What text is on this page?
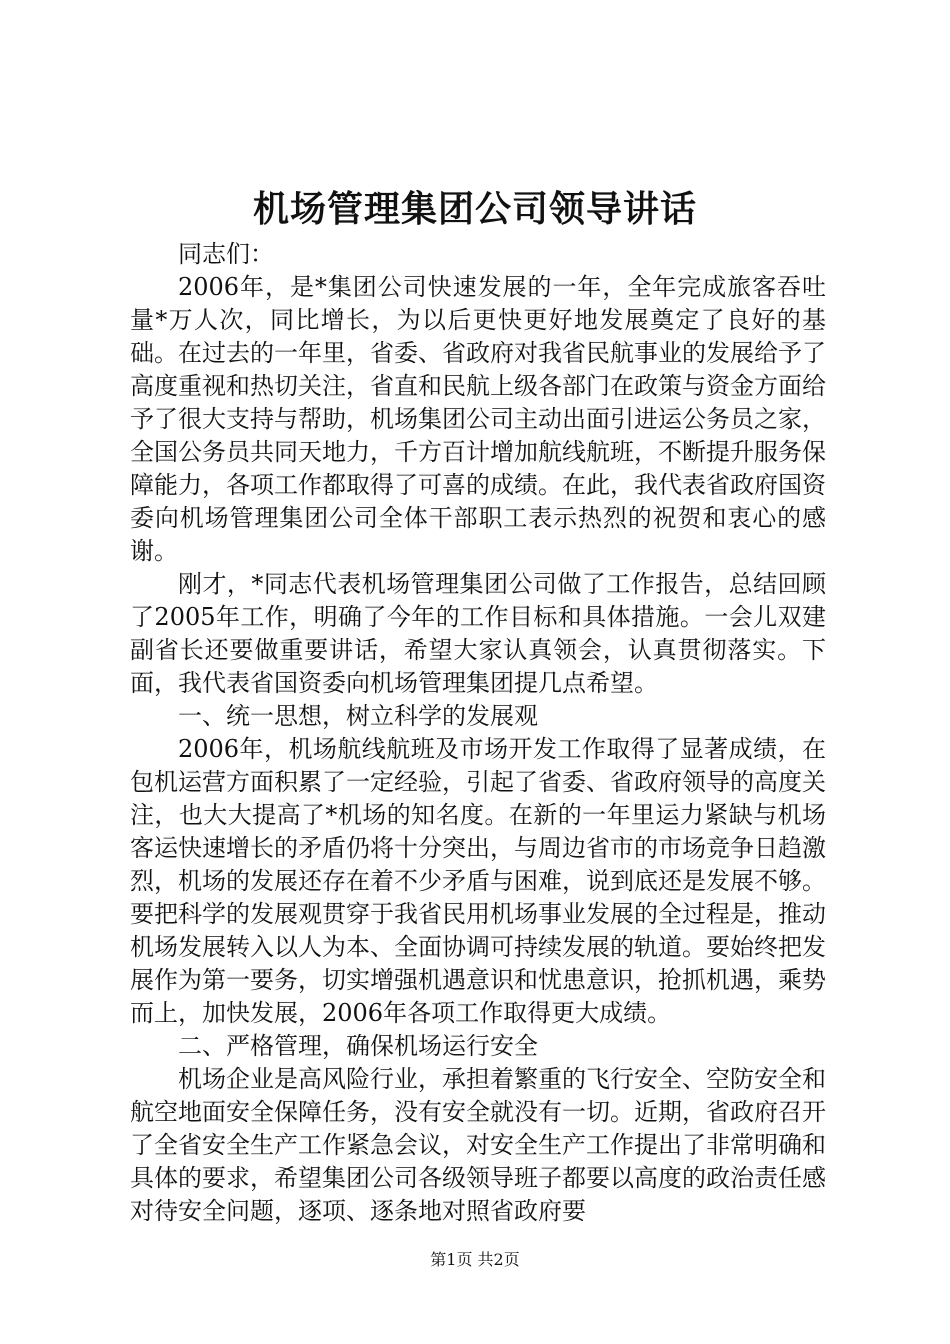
机场管理集团公司领导讲话

同志们：

2006年，是*集团公司快速发展的一年，全年完成旅客吞吐量*万人次，同比增长，为以后更快更好地发展奠定了良好的基础。在过去的一年里，省委、省政府对我省民航事业的发展给予了高度重视和热切关注，省直和民航上级各部门在政策与资金方面给予了很大支持与帮助，机场集团公司主动出面引进运公务员之家，全国公务员共同天地力，千方百计增加航线航班，不断提升服务保障能力，各项工作都取得了可喜的成绩。在此，我代表省政府国资委向机场管理集团公司全体干部职工表示热烈的祝贺和衷心的感谢。

刚才，*同志代表机场管理集团公司做了工作报告，总结回顾了2005年工作，明确了今年的工作目标和具体措施。一会儿双建副省长还要做重要讲话，希望大家认真领会，认真贯彻落实。下面，我代表省国资委向机场管理集团提几点希望。

一、统一思想，树立科学的发展观

2006年，机场航线航班及市场开发工作取得了显著成绩，在包机运营方面积累了一定经验，引起了省委、省政府领导的高度关注，也大大提高了*机场的知名度。在新的一年里运力紧缺与机场客运快速增长的矛盾仍将十分突出，与周边省市的市场竞争日趋激烈，机场的发展还存在着不少矛盾与困难，说到底还是发展不够。要把科学的发展观贯穿于我省民用机场事业发展的全过程是，推动机场发展转入以人为本、全面协调可持续发展的轨道。要始终把发展作为第一要务，切实增强机遇意识和忧患意识，抢抓机遇，乘势而上，加快发展，2006年各项工作取得更大成绩。

二、严格管理，确保机场运行安全

机场企业是高风险行业，承担着繁重的飞行安全、空防安全和航空地面安全保障任务，没有安全就没有一切。近期，省政府召开了全省安全生产工作紧急会议，对安全生产工作提出了非常明确和具体的要求，希望集团公司各级领导班子都要以高度的政治责任感对待安全问题，逐项、逐条地对照省政府要

第1页 共2页
